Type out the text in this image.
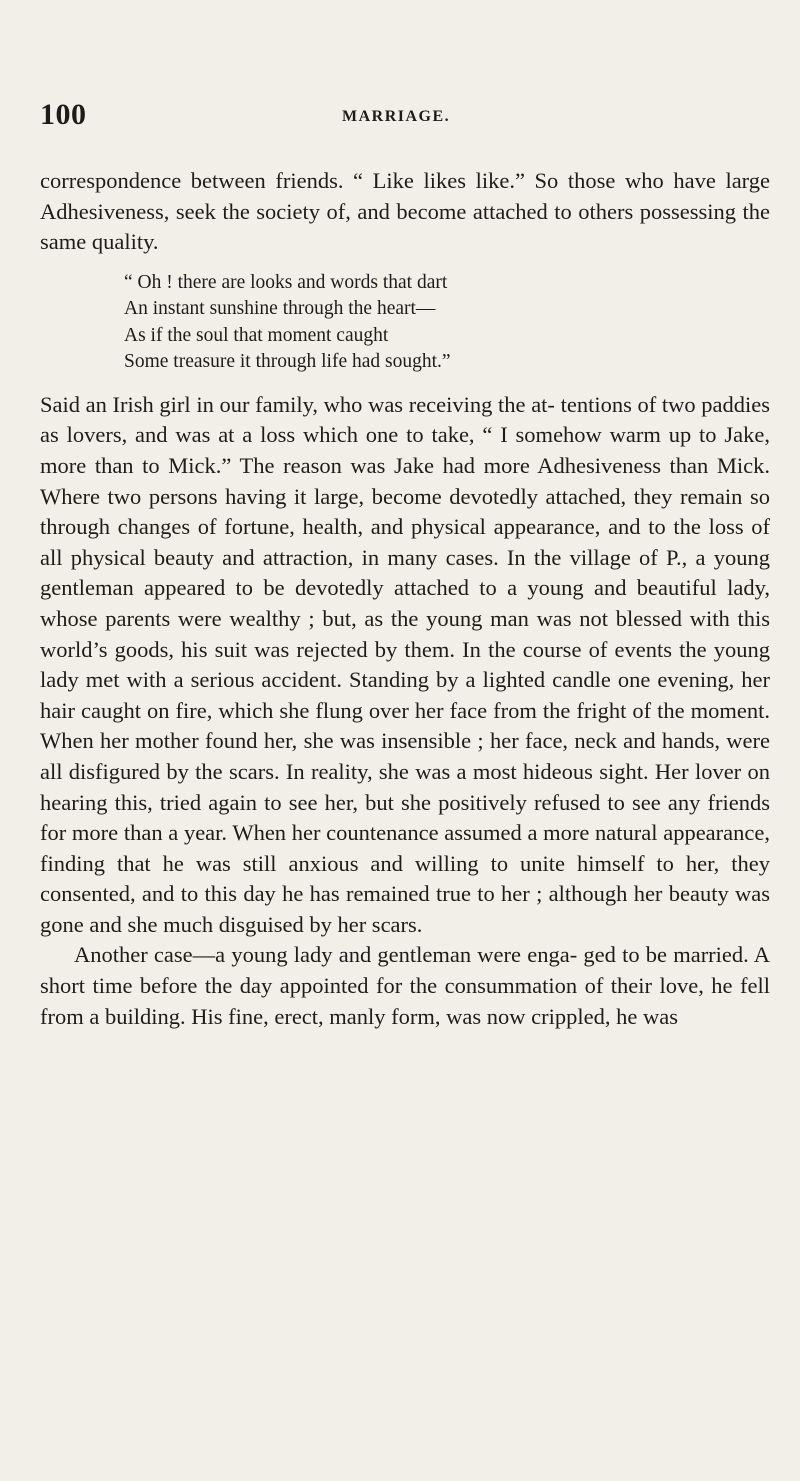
100	MARRIAGE.

correspondence between friends. “ Like likes like.” So those who have large Adhesiveness, seek the society of, and become attached to others possessing the same quality.

“ Oh ! there are looks and words that dart
An instant sunshine through the heart—
As if the soul that moment caught
Some treasure it through life had sought.”

Said an Irish girl in our family, who was receiving the at- tentions of two paddies as lovers, and was at a loss which one to take, “ I somehow warm up to Jake, more than to Mick.” The reason was Jake had more Adhesiveness than Mick. Where two persons having it large, become devotedly attached, they remain so through changes of fortune, health, and physical appearance, and to the loss of all physical beauty and attraction, in many cases. In the village of P., a young gentleman appeared to be devotedly attached to a young and beautiful lady, whose parents were wealthy ; but, as the young man was not blessed with this world’s goods, his suit was rejected by them. In the course of events the young lady met with a serious accident. Standing by a lighted candle one evening, her hair caught on fire, which she flung over her face from the fright of the moment. When her mother found her, she was insensible ; her face, neck and hands, were all disfigured by the scars. In reality, she was a most hideous sight. Her lover on hearing this, tried again to see her, but she positively refused to see any friends for more than a year. When her countenance assumed a more natural appearance, finding that he was still anxious and willing to unite himself to her, they consented, and to this day he has remained true to her ; although her beauty was gone and she much disguised by her scars.

Another case—a young lady and gentleman were enga- ged to be married. A short time before the day appointed for the consummation of their love, he fell from a building. His fine, erect, manly form, was now crippled, he was
